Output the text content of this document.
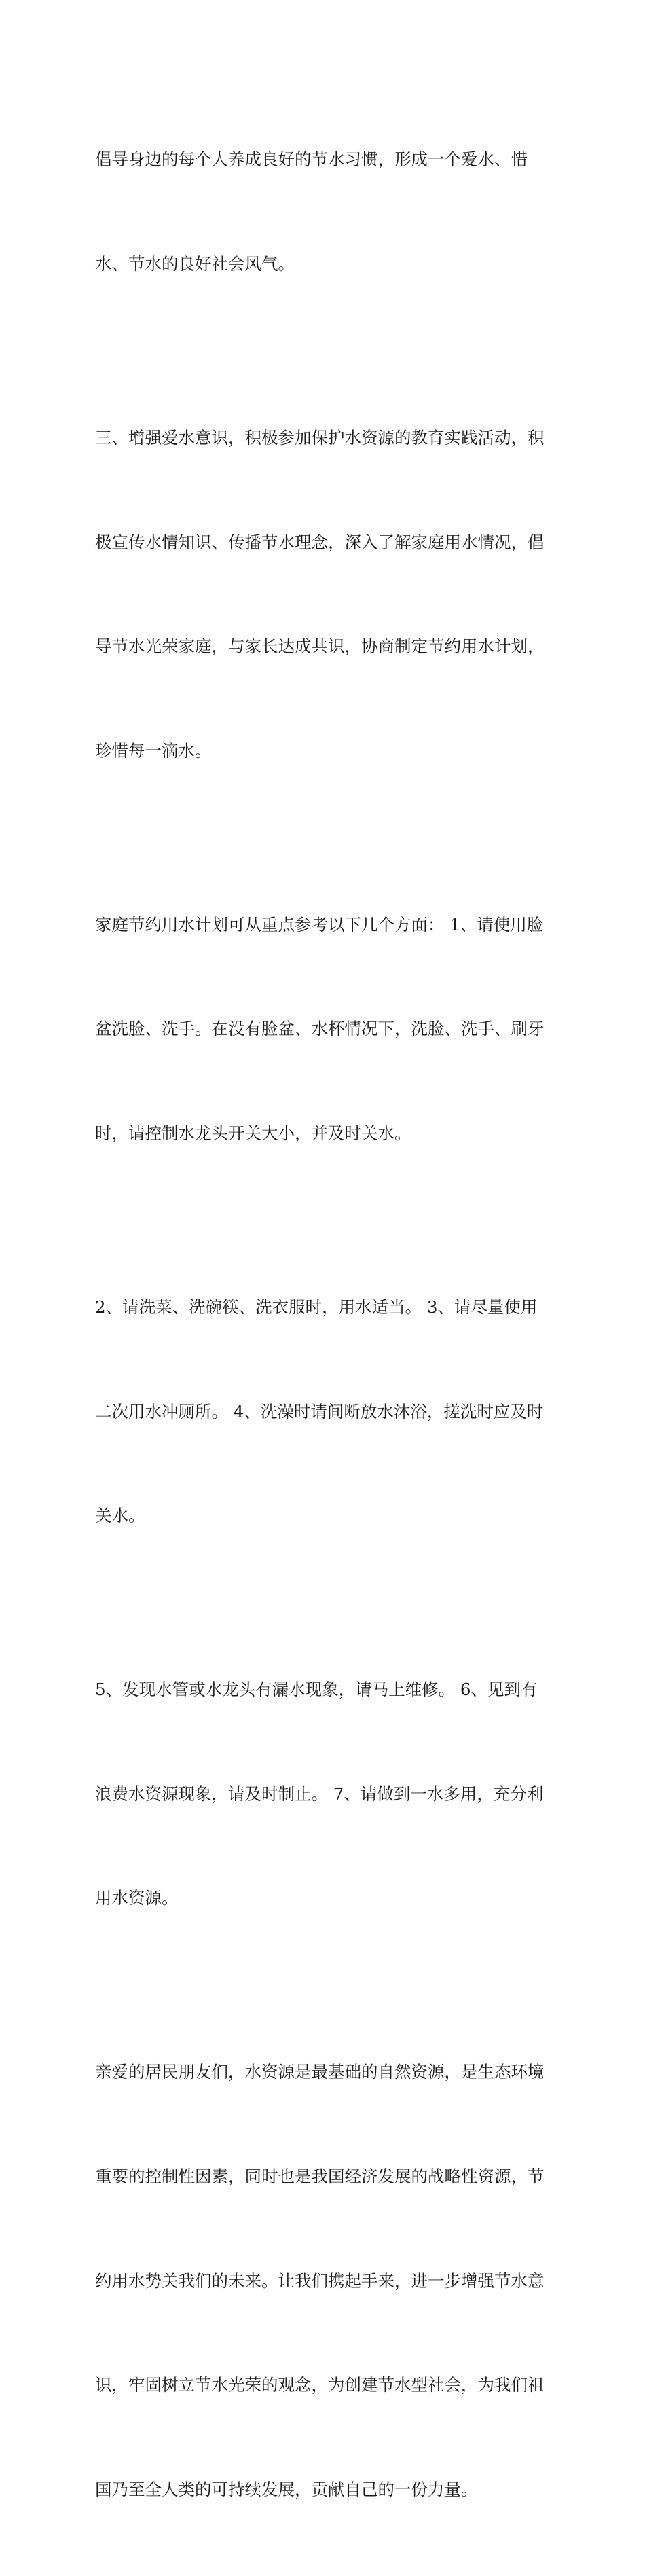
倡导身边的每个人养成良好的节水习惯，形成一个爱水、惜

水、节水的良好社会风气。

三、增强爱水意识，积极参加保护水资源的教育实践活动，积

极宣传水情知识、传播节水理念，深入了解家庭用水情况，倡

导节水光荣家庭，与家长达成共识，协商制定节约用水计划，

珍惜每一滴水。

家庭节约用水计划可从重点参考以下几个方面： 1、请使用脸

盆洗脸、洗手。在没有脸盆、水杯情况下，洗脸、洗手、刷牙

时，请控制水龙头开关大小，并及时关水。

2、请洗菜、洗碗筷、洗衣服时，用水适当。 3、请尽量使用

二次用水冲厕所。 4、洗澡时请间断放水沐浴，搓洗时应及时

关水。

5、发现水管或水龙头有漏水现象，请马上维修。 6、见到有

浪费水资源现象，请及时制止。 7、请做到一水多用，充分利

用水资源。

亲爱的居民朋友们，水资源是最基础的自然资源，是生态环境

重要的控制性因素，同时也是我国经济发展的战略性资源，节

约用水势关我们的未来。让我们携起手来，进一步增强节水意

识，牢固树立节水光荣的观念，为创建节水型社会，为我们祖

国乃至全人类的可持续发展，贡献自己的一份力量。
